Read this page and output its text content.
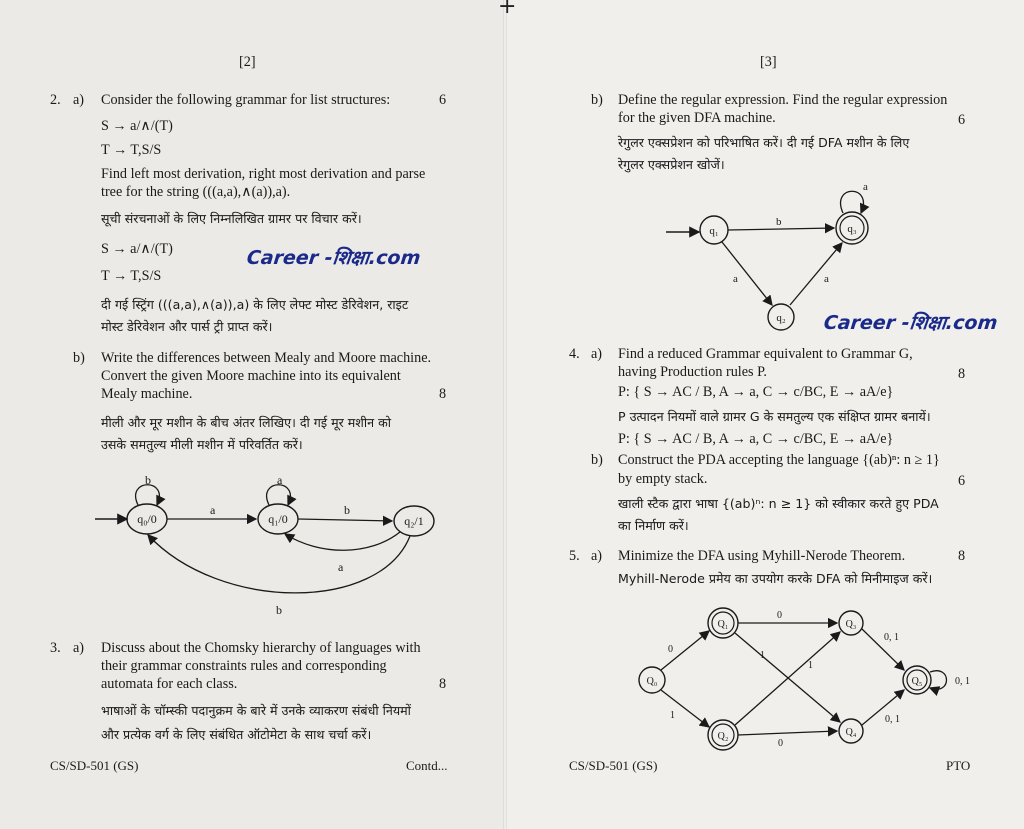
+
[2]
2. a) Consider the following grammar for list structures:	6
S → a/∧/(T)
T → T,S/S
Find left most derivation, right most derivation and parse
tree for the string (((a,a),∧(a)),a).
सूची संरचनाओं के लिए निम्नलिखित ग्रामर पर विचार करें।
S → a/∧/(T)
T → T,S/S
दी गई स्ट्रिंग (((a,a),∧(a)),a) के लिए लेफ्ट मोस्ट डेरिवेशन, राइट
मोस्ट डेरिवेशन और पार्स ट्री प्राप्त करें।
Career -शिक्षा.com
b) Write the differences between Mealy and Moore machine.
Convert the given Moore machine into its equivalent
Mealy machine.	8
मीली और मूर मशीन के बीच अंतर लिखिए। दी गई मूर मशीन को
उसके समतुल्य मीली मशीन में परिवर्तित करें।
q₀/0	q₁/0	q₂/1
b	a
a	b
a
b
3. a) Discuss about the Chomsky hierarchy of languages with
their grammar constraints rules and corresponding
automata for each class.	8
भाषाओं के चॉम्स्की पदानुक्रम के बारे में उनके व्याकरण संबंधी नियमों
और प्रत्येक वर्ग के लिए संबंधित ऑटोमेटा के साथ चर्चा करें।
CS/SD-501 (GS)	Contd...
[3]
b) Define the regular expression. Find the regular expression
for the given DFA machine.	6
रेगुलर एक्सप्रेशन को परिभाषित करें। दी गई DFA मशीन के लिए
रेगुलर एक्सप्रेशन खोजें।
q₁
q₂
q₃
a
b
a	a
Career -शिक्षा.com
4. a) Find a reduced Grammar equivalent to Grammar G,
having Production rules P.	8
P: { S → AC / B, A → a, C → c/BC, E → aA/e}
P उत्पादन नियमों वाले ग्रामर G के समतुल्य एक संक्षिप्त ग्रामर बनायें।
P: { S → AC / B, A → a, C → c/BC, E → aA/e}
b) Construct the PDA accepting the language {(ab)ⁿ: n ≥ 1}
by empty stack.	6
खाली स्टैक द्वारा भाषा {(ab)ⁿ: n ≥ 1} को स्वीकार करते हुए PDA
का निर्माण करें।
5. a) Minimize the DFA using Myhill-Nerode Theorem.	8
Myhill-Nerode प्रमेय का उपयोग करके DFA को मिनीमाइज करें।
Q₀
Q₁
Q₂
Q₃
Q₄
Q₅
0
1
0
1
1
0
0, 1
0, 1
0, 1
CS/SD-501 (GS)	PTO
